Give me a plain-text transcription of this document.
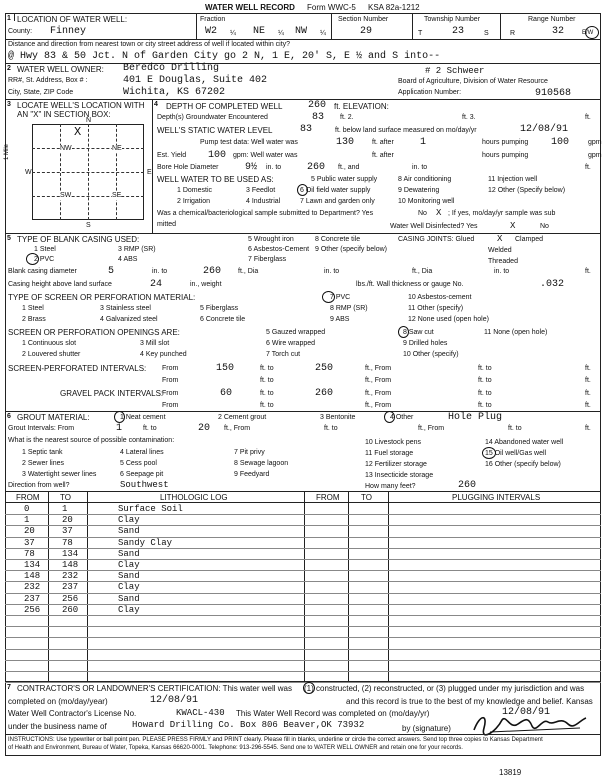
WATER WELL RECORD Form WWC-5 KSA 82a-1212
1 LOCATION OF WATER WELL:	Fraction	Section Number	Township Number	Range Number
County: Finney	W2 ¼ NE ¼ NW ¼	29	T	23	S	R	32	E/W
Distance and direction from nearest town or city street address of well if located within city?
@ Hwy 83 & 50 Jct. N of Garden City go 2 N, 1 E, 20' S, E ½ and S into--
2 WATER WELL OWNER: Beredco Drilling	# 2 Schweer
RR#, St. Address, Box # :	401 E Douglas, Suite 402	Board of Agriculture, Division of Water Resource
City, State, ZIP Code	Wichita, KS 67202	Application Number:	910568
3 LOCATE WELL'S LOCATION WITH
AN "X" IN SECTION BOX:
4
N
S
W	E
NW	NE
SW	SE
X
1 Mile
DEPTH OF COMPLETED WELL	260 ft. ELEVATION:
Depth(s) Groundwater Encountered	83 ft. 2.	ft. 3.	ft.
WELL'S STATIC WATER LEVEL	83	ft. below land surface measured on mo/day/yr	12/08/91
Pump test data: Well water was	130	ft. after	1	hours pumping 100	gpm
Est. Yield 100 gpm: Well water was	ft. after	hours pumping	gpm
Bore Hole Diameter	9½ in. to	260 ft., and	in. to	ft.
WELL WATER TO BE USED AS:	5 Public water supply	8 Air conditioning	11 Injection well
1 Domestic	3 Feedlot	6 Oil field water supply	9 Dewatering	12 Other (Specify below)
2 Irrigation	4 Industrial	7 Lawn and garden only	10 Monitoring well
Was a chemical/bacteriological sample submitted to Department? Yes	No X ; If yes, mo/day/yr sample was sub
mitted	Water Well Disinfected? Yes	X	No
5 TYPE OF BLANK CASING USED:	5 Wrought iron	8 Concrete tile	CASING JOINTS: Glued	X Clamped
1 Steel	3 RMP (SR)	6 Asbestos-Cement 9 Other (specify below)	Welded
2 PVC	4 ABS	7 Fiberglass	Threaded
Blank casing diameter	5	in. to	260 ft., Dia	in. to	ft., Dia	in. to	ft.
Casing height above land surface	24	in., weight	lbs./ft. Wall thickness or gauge No.	.032
TYPE OF SCREEN OR PERFORATION MATERIAL:	7 PVC	10 Asbestos-cement
1 Steel	3 Stainless steel	5 Fiberglass	8 RMP (SR)	11 Other (specify)
2 Brass	4 Galvanized steel	6 Concrete tile	9 ABS	12 None used (open hole)
SCREEN OR PERFORATION OPENINGS ARE:	5 Gauzed wrapped	8 Saw cut	11 None (open hole)
1 Continuous slot	3 Mill slot	6 Wire wrapped	9 Drilled holes
2 Louvered shutter	4 Key punched	7 Torch cut	10 Other (specify)
SCREEN-PERFORATED INTERVALS: From	150	ft. to	250	ft., From	ft. to	ft.
From	ft. to	ft., From	ft. to	ft.
GRAVEL PACK INTERVALS:
From	60	ft. to	260	ft., From	ft. to	ft.
From	ft. to	ft., From	ft. to	ft.
6 GROUT MATERIAL:	1 Neat cement	2 Cement grout	3 Bentonite	4 Other	Hole Plug
Grout Intervals: From	1	ft. to	20 ft., From	ft. to	ft., From	ft. to	ft.
What is the nearest source of possible contamination:	10 Livestock pens	14 Abandoned water well
1 Septic tank	4 Lateral lines	7 Pit privy	11 Fuel storage	15 Oil well/Gas well
2 Sewer lines	5 Cess pool	8 Sewage lagoon	12 Fertilizer storage	16 Other (specify below)
3 Watertight sewer lines	6 Seepage pit	9 Feedyard	13 Insecticide storage
Direction from well?	Southwest	How many feet?	260
FROM	TO	LITHOLOGIC LOG	FROM	TO	PLUGGING INTERVALS
0	1	Surface Soil
1	20	Clay
20	37	Sand
37	78	Sandy Clay
78	134	Sand
134 148	Clay
148 232	Sand
232 237	Clay
237 256	Sand
256 260	Clay
7 CONTRACTOR'S OR LANDOWNER'S CERTIFICATION: This water well was (1) constructed, (2) reconstructed, or (3) plugged under my jurisdiction and was
completed on (mo/day/year)	12/08/91	and this record is true to the best of my knowledge and belief. Kansas
Water Well Contractor's License No.	KWACL-430 This Water Well Record was completed on (mo/day/yr)	12/08/91
under the business name of	Howard Drilling Co. Box 806 Beaver,OK 73932	by (signature)
INSTRUCTIONS: Use typewriter or ball point pen. PLEASE PRESS FIRMLY and PRINT clearly. Please fill in blanks, underline or circle the correct answers. Send top three copies to Kansas Department
of Health and Environment, Bureau of Water, Topeka, Kansas 66620-0001. Telephone: 913-296-5545. Send one to WATER WELL OWNER and retain one for your records.
13819
